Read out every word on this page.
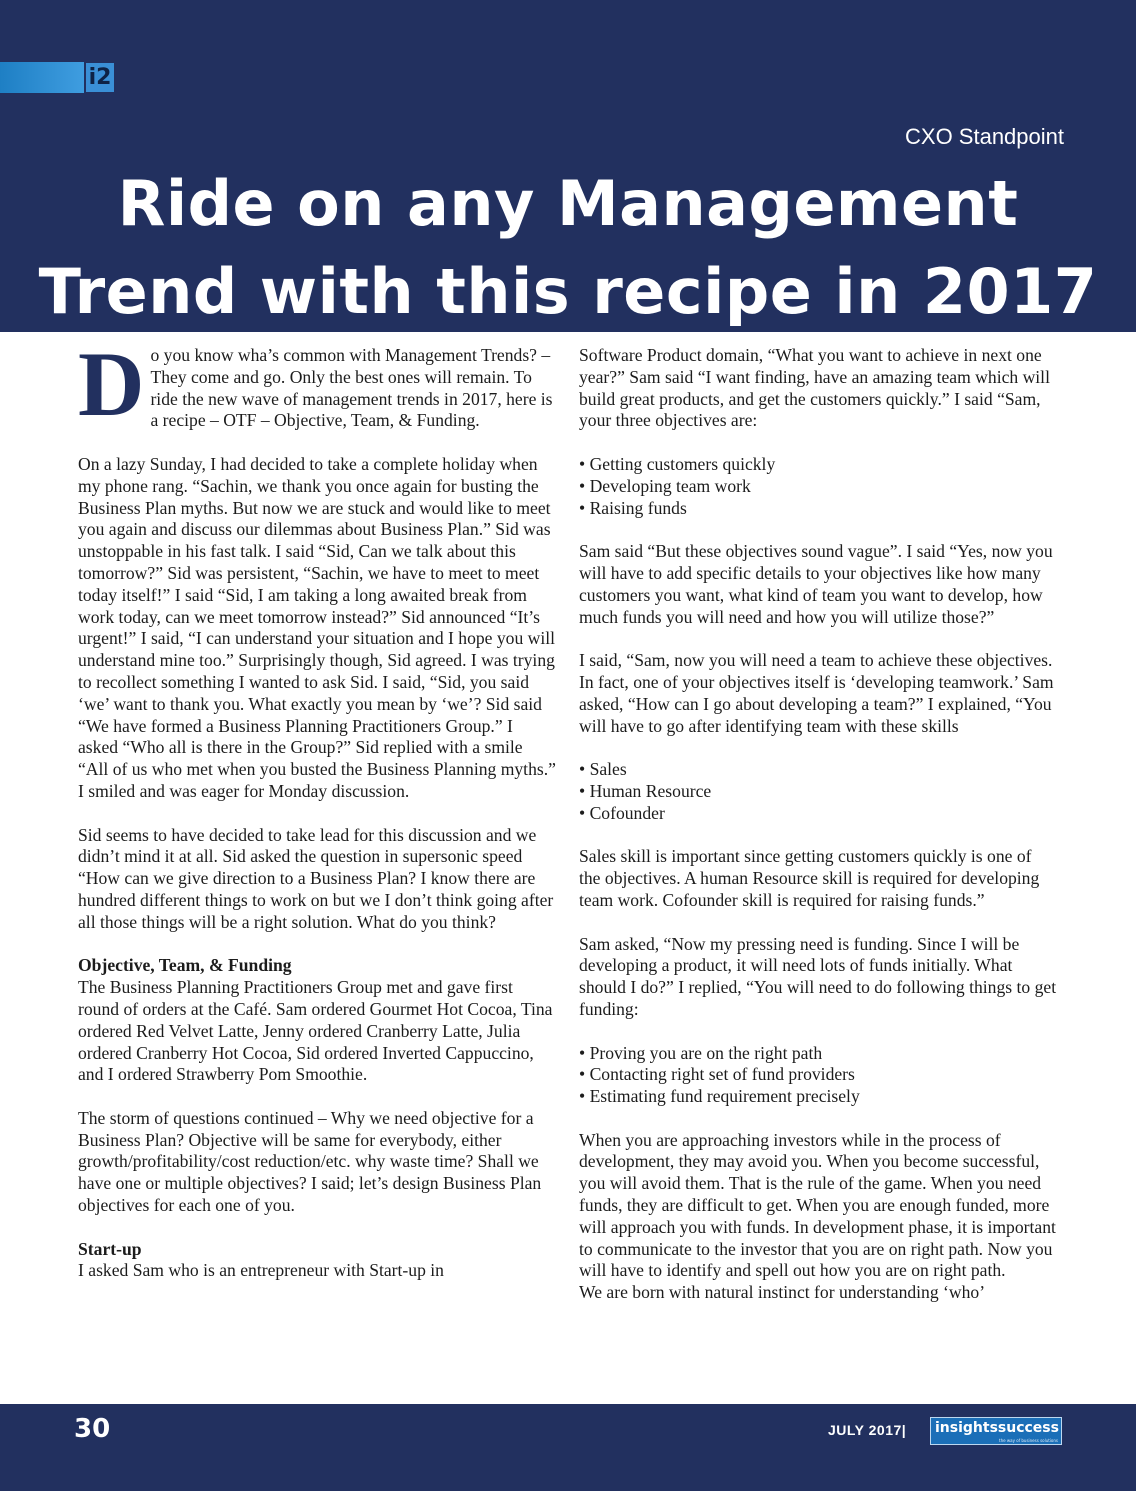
i2
CXO Standpoint
Ride on any Management
Trend with this recipe in 2017

D o you know wha’s common with Management Trends? – They come and go. Only the best ones will remain. To ride the new wave of management trends in 2017, here is a recipe – OTF – Objective, Team, & Funding.

On a lazy Sunday, I had decided to take a complete holiday when my phone rang. “Sachin, we thank you once again for busting the Business Plan myths. But now we are stuck and would like to meet you again and discuss our dilemmas about Business Plan.” Sid was unstoppable in his fast talk. I said “Sid, Can we talk about this tomorrow?” Sid was persistent, “Sachin, we have to meet to meet today itself!” I said “Sid, I am taking a long awaited break from work today, can we meet tomorrow instead?” Sid announced “It’s urgent!” I said, “I can understand your situation and I hope you will understand mine too.” Surprisingly though, Sid agreed. I was trying to recollect something I wanted to ask Sid. I said, “Sid, you said ‘we’ want to thank you. What exactly you mean by ‘we’? Sid said “We have formed a Business Planning Practitioners Group.” I asked “Who all is there in the Group?” Sid replied with a smile “All of us who met when you busted the Business Planning myths.” I smiled and was eager for Monday discussion.

Sid seems to have decided to take lead for this discussion and we didn’t mind it at all. Sid asked the question in supersonic speed “How can we give direction to a Business Plan? I know there are hundred different things to work on but we I don’t think going after all those things will be a right solution. What do you think?

Objective, Team, & Funding

The Business Planning Practitioners Group met and gave first round of orders at the Café. Sam ordered Gourmet Hot Cocoa, Tina ordered Red Velvet Latte, Jenny ordered Cranberry Latte, Julia ordered Cranberry Hot Cocoa, Sid ordered Inverted Cappuccino, and I ordered Strawberry Pom Smoothie.

The storm of questions continued – Why we need objective for a Business Plan? Objective will be same for everybody, either growth/profitability/cost reduction/etc. why waste time? Shall we have one or multiple objectives? I said; let’s design Business Plan objectives for each one of you.

Start-up

I asked Sam who is an entrepreneur with Start-up in

Software Product domain, “What you want to achieve in next one year?” Sam said “I want finding, have an amazing team which will build great products, and get the customers quickly.” I said “Sam, your three objectives are:

• Getting customers quickly
• Developing team work
• Raising funds

Sam said “But these objectives sound vague”. I said “Yes, now you will have to add specific details to your objectives like how many customers you want, what kind of team you want to develop, how much funds you will need and how you will utilize those?”

I said, “Sam, now you will need a team to achieve these objectives. In fact, one of your objectives itself is ‘developing teamwork.’ Sam asked, “How can I go about developing a team?” I explained, “You will have to go after identifying team with these skills

• Sales
• Human Resource
• Cofounder

Sales skill is important since getting customers quickly is one of the objectives. A human Resource skill is required for developing team work. Cofounder skill is required for raising funds.”

Sam asked, “Now my pressing need is funding. Since I will be developing a product, it will need lots of funds initially. What should I do?” I replied, “You will need to do following things to get funding:

• Proving you are on the right path
• Contacting right set of fund providers
• Estimating fund requirement precisely

When you are approaching investors while in the process of development, they may avoid you. When you become successful, you will avoid them. That is the rule of the game. When you need funds, they are difficult to get. When you are enough funded, more will approach you with funds. In development phase, it is important to communicate to the investor that you are on right path. Now you will have to identify and spell out how you are on right path.

We are born with natural instinct for understanding ‘who’

30	JULY 2017| insightssuccess
the way of business solutions
